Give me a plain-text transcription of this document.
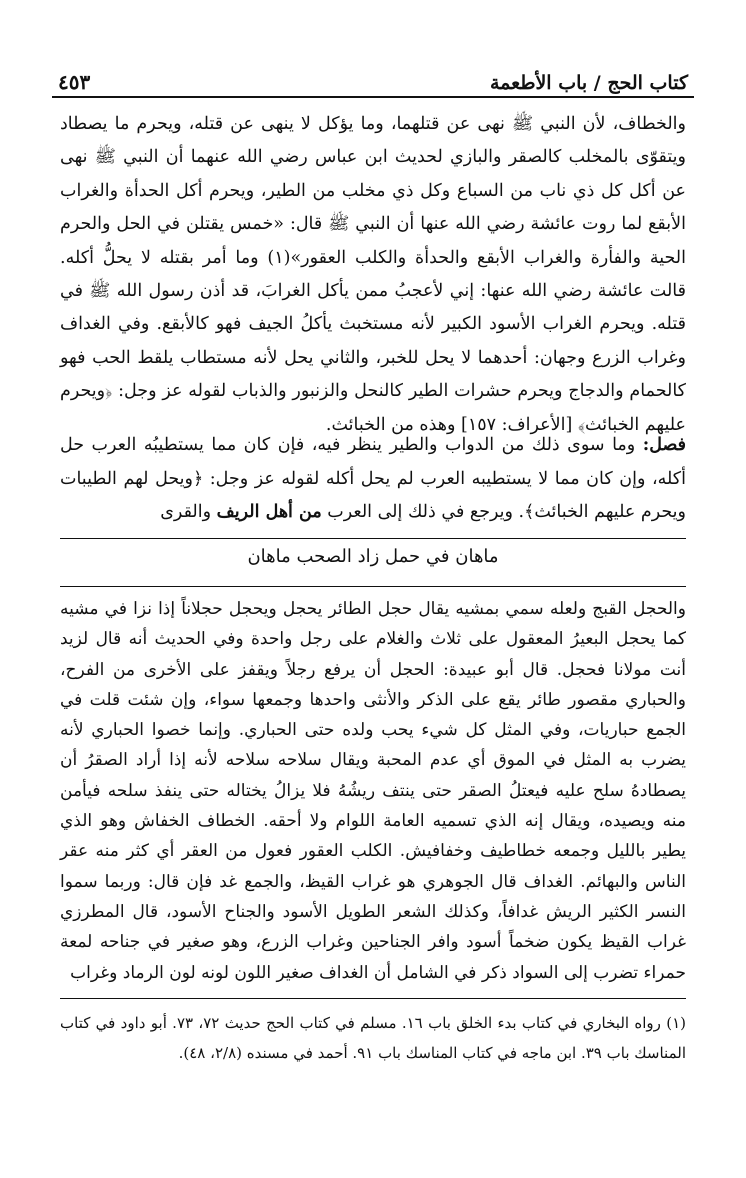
كتاب الحج / باب الأطعمة
٤٥٣

والخطاف، لأن النبي ﷺ نهى عن قتلهما، وما يؤكل لا ينهى عن قتله، ويحرم ما يصطاد ويتقوّى بالمخلب كالصقر والبازي لحديث ابن عباس رضي الله عنهما أن النبي ﷺ نهى عن أكل كل ذي ناب من السباع وكل ذي مخلب من الطير، ويحرم أكل الحدأة والغراب الأبقع لما روت عائشة رضي الله عنها أن النبي ﷺ قال: «خمس يقتلن في الحل والحرم الحية والفأرة والغراب الأبقع والحدأة والكلب العقور»(١) وما أمر بقتله لا يحلُّ أكله. قالت عائشة رضي الله عنها: إني لأعجبُ ممن يأكل الغرابَ، قد أذن رسول الله ﷺ في قتله. ويحرم الغراب الأسود الكبير لأنه مستخبث يأكلُ الجيف فهو كالأبقع. وفي الغداف وغراب الزرع وجهان: أحدهما لا يحل للخبر، والثاني يحل لأنه مستطاب يلقط الحب فهو كالحمام والدجاج ويحرم حشرات الطير كالنحل والزنبور والذباب لقوله عز وجل: ﴿ويحرم عليهم الخبائث﴾ [الأعراف: ١٥٧] وهذه من الخبائث.

فصل: وما سوى ذلك من الدواب والطير ينظر فيه، فإن كان مما يستطيبُه العرب حل أكله، وإن كان مما لا يستطيبه العرب لم يحل أكله لقوله عز وجل: ﴿ويحل لهم الطيبات ويحرم عليهم الخبائث﴾. ويرجع في ذلك إلى العرب من أهل الريف والقرى

ماهان في حمل زاد الصحب ماهان

والحجل القبج ولعله سمي بمشيه يقال حجل الطائر يحجل ويحجل حجلاناً إذا نزا في مشيه كما يحجل البعيرُ المعقول على ثلاث والغلام على رجل واحدة وفي الحديث أنه قال لزيد أنت مولانا فحجل. قال أبو عبيدة: الحجل أن يرفع رجلاً ويقفز على الأخرى من الفرح، والحباري مقصور طائر يقع على الذكر والأنثى واحدها وجمعها سواء، وإن شئت قلت في الجمع حباريات، وفي المثل كل شيء يحب ولده حتى الحباري. وإنما خصوا الحباري لأنه يضرب به المثل في الموق أي عدم المحبة ويقال سلاحه سلاحه لأنه إذا أراد الصقرُ أن يصطادهُ سلح عليه فيعتلُ الصقر حتى ينتف ريشُهُ فلا يزالُ يختاله حتى ينفذ سلحه فيأمن منه ويصيده، ويقال إنه الذي تسميه العامة اللوام ولا أحقه. الخطاف الخفاش وهو الذي يطير بالليل وجمعه خطاطيف وخفافيش. الكلب العقور فعول من العقر أي كثر منه عقر الناس والبهائم. الغداف قال الجوهري هو غراب القيظ، والجمع غد فإن قال: وربما سموا النسر الكثير الريش غدافاً، وكذلك الشعر الطويل الأسود والجناح الأسود، قال المطرزي غراب القيظ يكون ضخماً أسود وافر الجناحين وغراب الزرع، وهو صغير في جناحه لمعة حمراء تضرب إلى السواد ذكر في الشامل أن الغداف صغير اللون لونه لون الرماد وغراب

(١) رواه البخاري في كتاب بدء الخلق باب ١٦. مسلم في كتاب الحج حديث ٧٢، ٧٣. أبو داود في كتاب المناسك باب ٣٩. ابن ماجه في كتاب المناسك باب ٩١. أحمد في مسنده (٢/٨، ٤٨).
